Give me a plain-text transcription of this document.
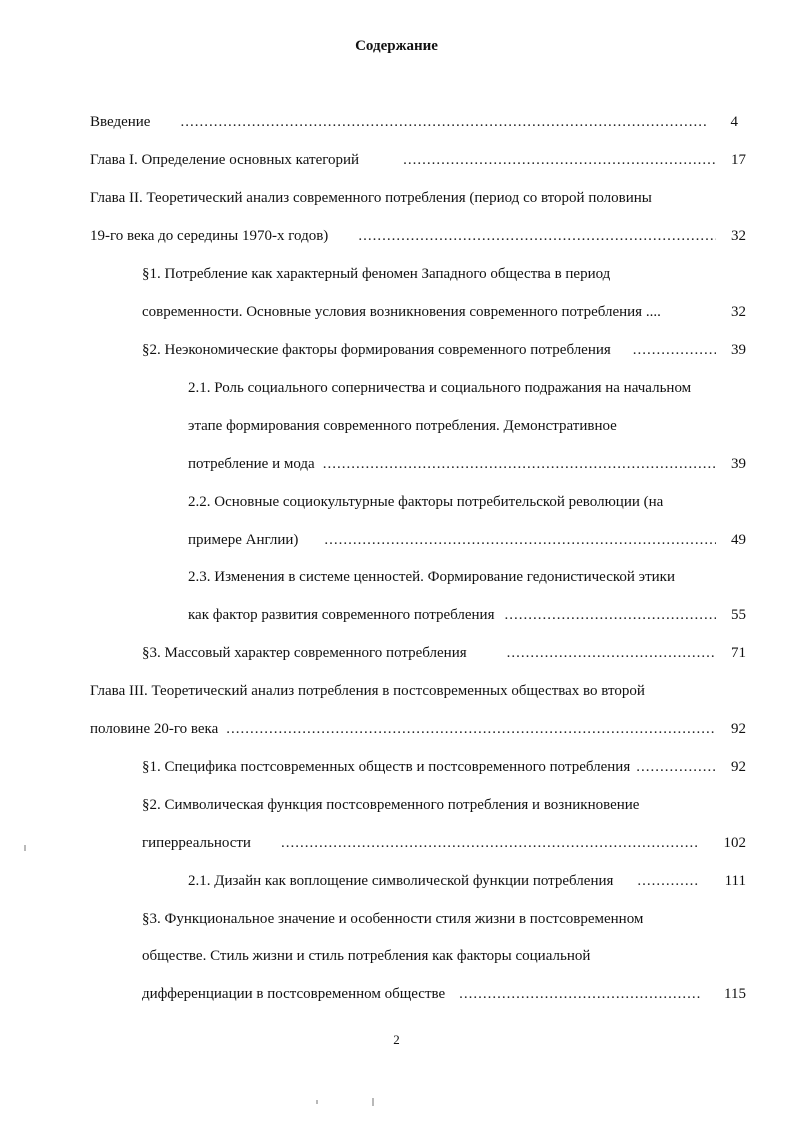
Содержание
Введение .....	4
Глава I. Определение основных категорий .....	17
Глава II. Теоретический анализ современного потребления (период со второй половины
19-го века до середины 1970-х годов) .....	32
§1. Потребление как характерный феномен Западного общества в период
современности. Основные условия возникновения современного потребления ....	32
§2. Неэкономические факторы формирования современного потребления .....	39
2.1. Роль социального соперничества и социального подражания на начальном
этапе формирования современного потребления. Демонстративное
потребление и мода .....	39
2.2. Основные социокультурные факторы потребительской революции (на
примере Англии) .....	49
2.3. Изменения в системе ценностей. Формирование гедонистической этики
как фактор развития современного потребления .....	55
§3. Массовый характер современного потребления .....	71
Глава III. Теоретический анализ потребления в постсовременных обществах во второй
половине 20-го века .....	92
§1. Специфика постсовременных обществ и постсовременного потребления .....	92
§2. Символическая функция постсовременного потребления и возникновение
гиперреальности .....	102
2.1. Дизайн как воплощение символической функции потребления .....	111
§3. Функциональное значение и особенности стиля жизни в постсовременном
обществе. Стиль жизни и стиль потребления как факторы социальной
дифференциации в постсовременном обществе .....	115
2
